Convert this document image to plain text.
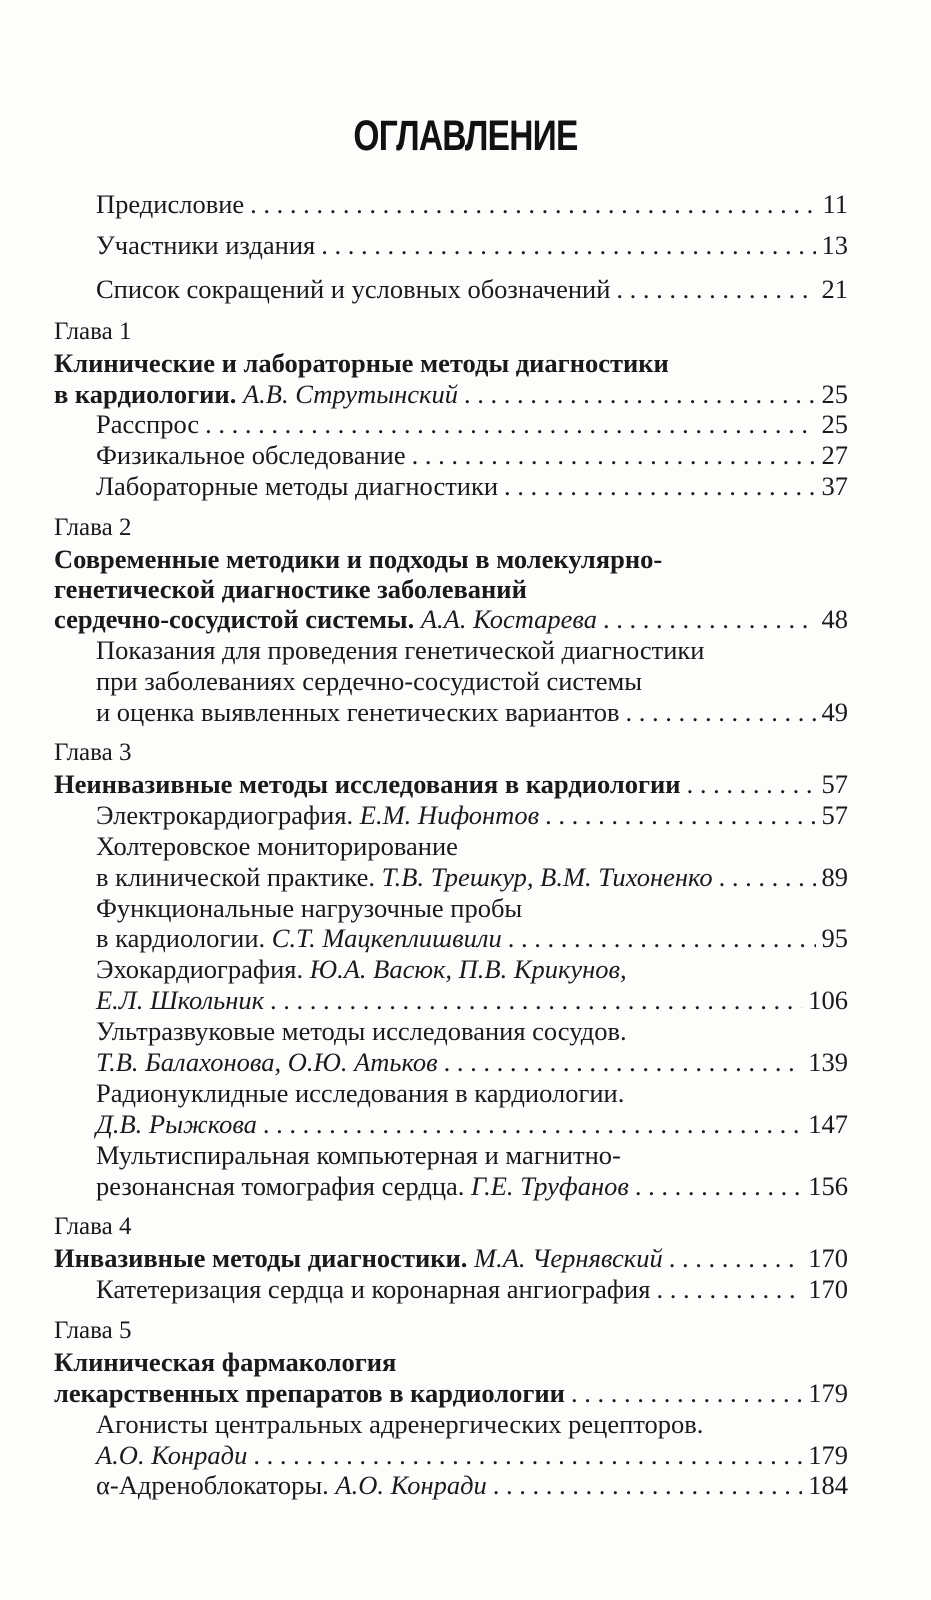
ОГЛАВЛЕНИЕ
Предисловие . . .	11
Участники издания . . .	13
Список сокращений и условных обозначений . . .	21
Глава 1
Клинические и лабораторные методы диагностики
в кардиологии. А.В. Струтынский . . .	25
Расспрос . . .	25
Физикальное обследование . . .	27
Лабораторные методы диагностики . . .	37
Глава 2
Современные методики и подходы в молекулярно-
генетической диагностике заболеваний
сердечно-сосудистой системы. А.А. Костарева . . .	48
Показания для проведения генетической диагностики
при заболеваниях сердечно-сосудистой системы
и оценка выявленных генетических вариантов . . .	49
Глава 3
Неинвазивные методы исследования в кардиологии . . .	57
Электрокардиография. Е.М. Нифонтов . . .	57
Холтеровское мониторирование
в клинической практике. Т.В. Трешкур, В.М. Тихоненко . . .	89
Функциональные нагрузочные пробы
в кардиологии. С.Т. Мацкеплишвили . . .	95
Эхокардиография.
Ю.А. Васюк, П.В. Крикунов,
Е.Л. Школьник . . .	106
Ультразвуковые методы исследования сосудов.
Т.В. Балахонова, О.Ю. Атьков . . .	139
Радионуклидные исследования в кардиологии.
Д.В. Рыжкова . . .	147
Мультиспиральная компьютерная и магнитно-
резонансная томография сердца. Г.Е. Труфанов . . .	156
Глава 4
Инвазивные методы диагностики. М.А. Чернявский . . .	170
Катетеризация сердца и коронарная ангиография . . .	170
Глава 5
Клиническая фармакология
лекарственных препаратов в кардиологии . . .	179
Агонисты центральных адренергических рецепторов.
А.О. Конради . . .	179
α-Адреноблокаторы. А.О. Конради . . .	184
